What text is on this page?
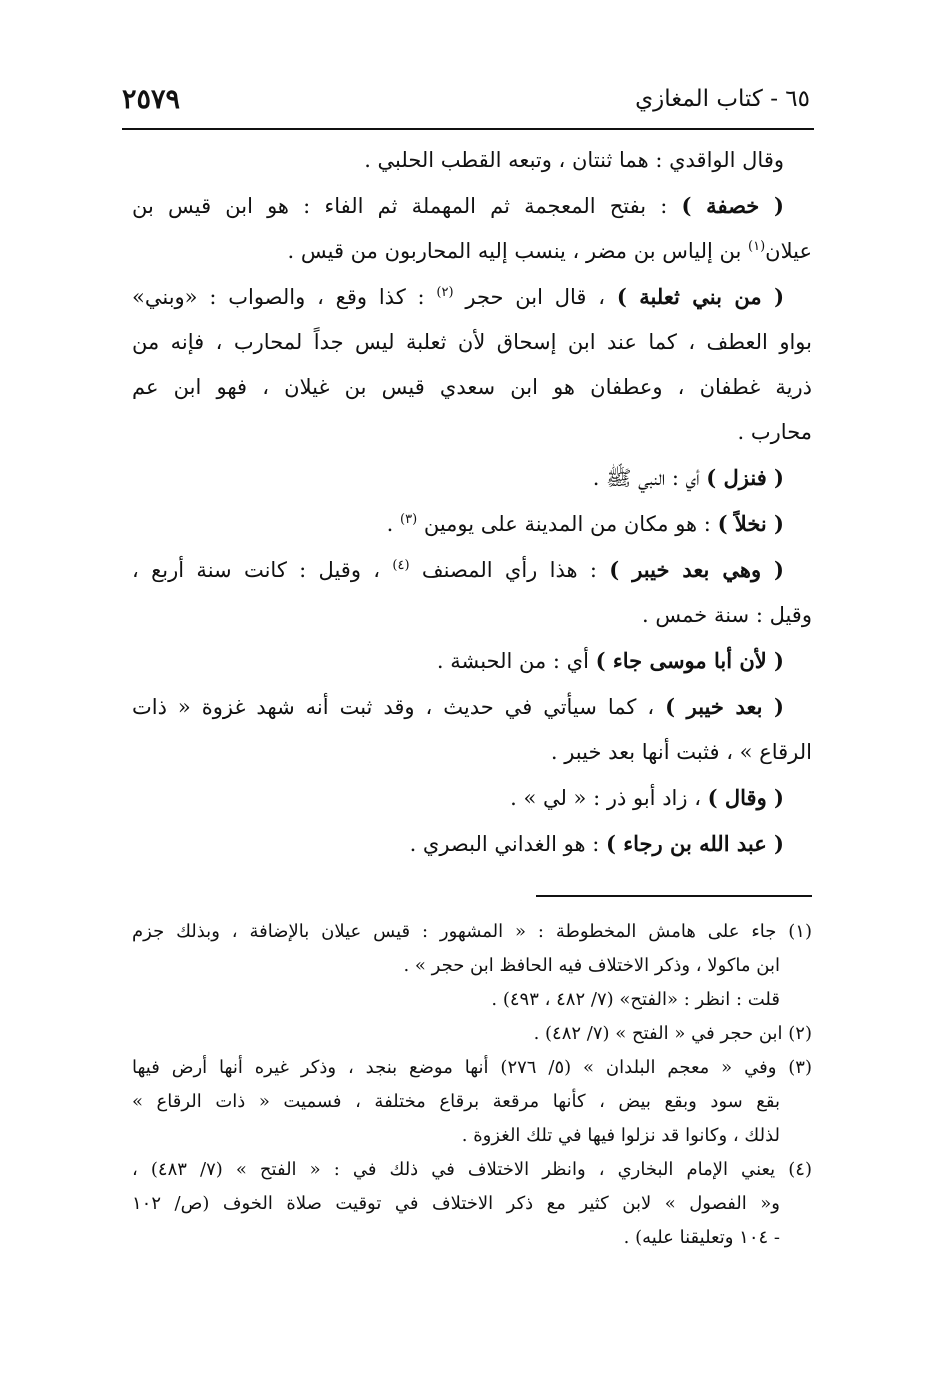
٢٥٧٩	٦٥ - كتاب المغازي

وقال الواقدي : هما ثنتان ، وتبعه القطب الحلبي .

( خصفة ) : بفتح المعجمة ثم المهملة ثم الفاء : هو ابن قيس بن
عيلان$^{(١)}$ بن إلياس بن مضر ، ينسب إليه المحاربون من قيس .

( من بني ثعلبة ) ، قال ابن حجر $^{(٢)}$ : كذا وقع ، والصواب : «وبني»
بواو العطف ، كما عند ابن إسحاق لأن ثعلبة ليس جداً لمحارب ، فإنه من
ذرية غطفان ، وعطفان هو ابن سعدي قيس بن غيلان ، فهو ابن عم
محارب .

( فنزل ) أي : النبي ﷺ .

( نخلاً ) : هو مكان من المدينة على يومين $^{(٣)}$ .

( وهي بعد خيبر ) : هذا رأي المصنف $^{(٤)}$ ، وقيل : كانت سنة أربع ،
وقيل : سنة خمس .

( لأن أبا موسى جاء ) أي : من الحبشة .

( بعد خيبر ) ، كما سيأتي في حديث ، وقد ثبت أنه شهد غزوة « ذات
الرقاع » ، فثبت أنها بعد خيبر .

( وقال ) ، زاد أبو ذر : « لي » .

( عبد الله بن رجاء ) : هو الغداني البصري .

(١) جاء على هامش المخطوطة : « المشهور : قيس عيلان بالإضافة ، وبذلك جزم
ابن ماكولا ، وذكر الاختلاف فيه الحافظ ابن حجر » .
قلت : انظر : «الفتح» (٧/ ٤٨٢ ، ٤٩٣) .
(٢) ابن حجر في « الفتح » (٧/ ٤٨٢) .
(٣) وفي « معجم البلدان » (٥/ ٢٧٦) أنها موضع بنجد ، وذكر غيره أنها أرض فيها
بقع سود وبقع بيض ، كأنها مرقعة برقاع مختلفة ، فسميت « ذات الرقاع »
لذلك ، وكانوا قد نزلوا فيها في تلك الغزوة .
(٤) يعني الإمام البخاري ، وانظر الاختلاف في ذلك في : « الفتح » (٧/ ٤٨٣) ،
و« الفصول » لابن كثير مع ذكر الاختلاف في توقيت صلاة الخوف (ص/ ١٠٢
- ١٠٤ وتعليقنا عليه) .
